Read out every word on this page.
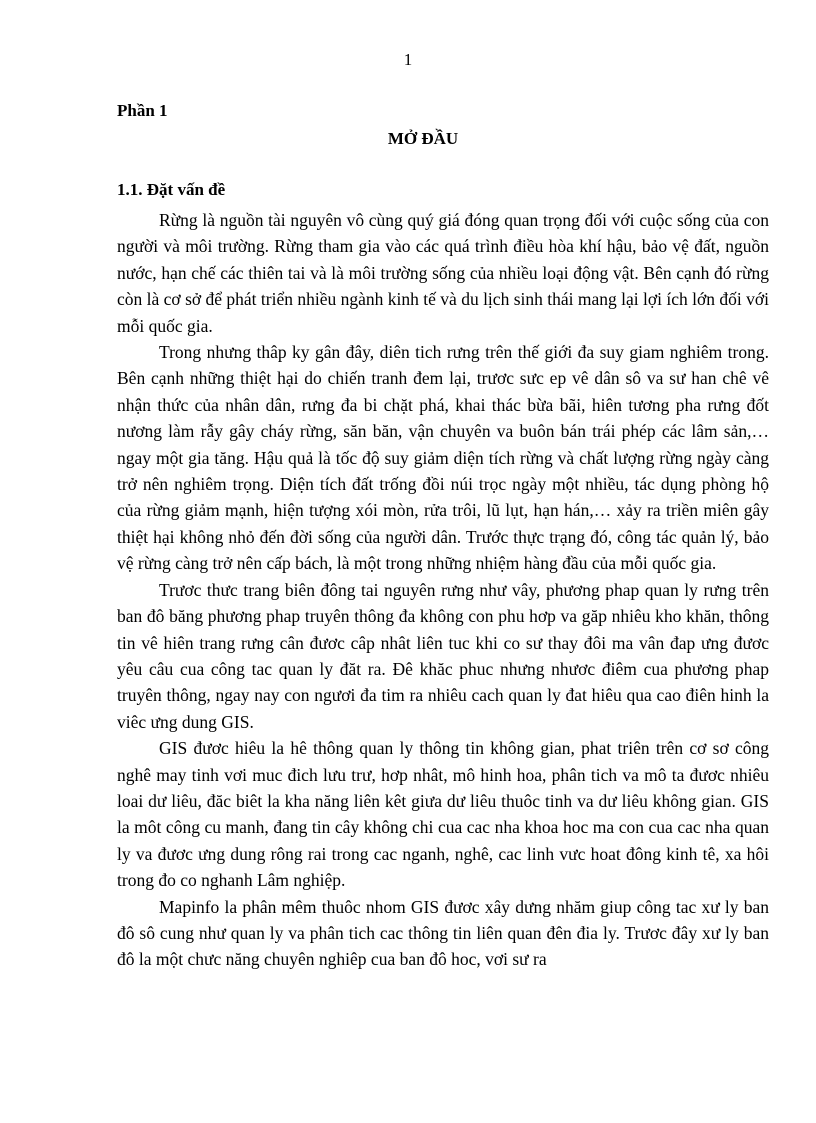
1
Phần 1
MỞ ĐẦU
1.1. Đặt vấn đề

Rừng là nguồn tài nguyên vô cùng quý giá đóng quan trọng đối với cuộc sống của con người và môi trường. Rừng tham gia vào các quá trình điều hòa khí hậu, bảo vệ đất, nguồn nước, hạn chế các thiên tai và là môi trường sống của nhiều loại động vật. Bên cạnh đó rừng còn là cơ sở để phát triển nhiều ngành kinh tế và du lịch sinh thái mang lại lợi ích lớn đối với mỗi quốc gia.

Trong nhưng thâp ky gân đây, diên tich rưng trên thế giới đa suy giam nghiêm trong. Bên cạnh những thiệt hại do chiến tranh đem lại, trươc sưc ep vê dân sô va sư han chê vê nhận thức của nhân dân, rưng đa bi chặt phá, khai thác bừa bãi, hiên tương pha rưng đốt nương làm rẫy gây cháy rừng, săn băn, vận chuyên va buôn bán trái phép các lâm sản,… ngay một gia tăng. Hậu quả là tốc độ suy giảm diện tích rừng và chất lượng rừng ngày càng trở nên nghiêm trọng. Diện tích đất trống đồi núi trọc ngày một nhiều, tác dụng phòng hộ của rừng giảm mạnh, hiện tượng xói mòn, rửa trôi, lũ lụt, hạn hán,… xảy ra triền miên gây thiệt hại không nhỏ đến đời sống của người dân. Trước thực trạng đó, công tác quản lý, bảo vệ rừng càng trở nên cấp bách, là một trong những nhiệm hàng đầu của mỗi quốc gia.

Trươc thưc trang biên đông tai nguyên rưng như vây, phương phap quan ly rưng trên ban đô băng phương phap truyên thông đa không con phu hơp va găp nhiêu kho khăn, thông tin vê hiên trang rưng cân đươc câp nhât liên tuc khi co sư thay đôi ma vân đap ưng đươc yêu câu cua công tac quan ly đăt ra. Đê khăc phuc nhưng nhươc điêm cua phương phap truyên thông, ngay nay con ngươi đa tim ra nhiêu cach quan ly đat hiêu qua cao điên hinh la viêc ưng dung GIS.

GIS đươc hiêu la hê thông quan ly thông tin không gian, phat triên trên cơ sơ công nghê may tinh vơi muc đich lưu trư, hơp nhât, mô hinh hoa, phân tich va mô ta đươc nhiêu loai dư liêu, đăc biêt la kha năng liên kêt giưa dư liêu thuôc tinh va dư liêu không gian. GIS la môt công cu manh, đang tin cây không chi cua cac nha khoa hoc ma con cua cac nha quan ly va đươc ưng dung rông rai trong cac nganh, nghê, cac linh vưc hoat đông kinh tê, xa hôi trong đo co nghanh Lâm nghiệp.

Mapinfo la phân mêm thuôc nhom GIS đươc xây dưng nhăm giup công tac xư ly ban đô sô cung như quan ly va phân tich cac thông tin liên quan đên đia ly. Trươc đây xư ly ban đô la một chưc năng chuyên nghiêp cua ban đô hoc, vơi sư ra
